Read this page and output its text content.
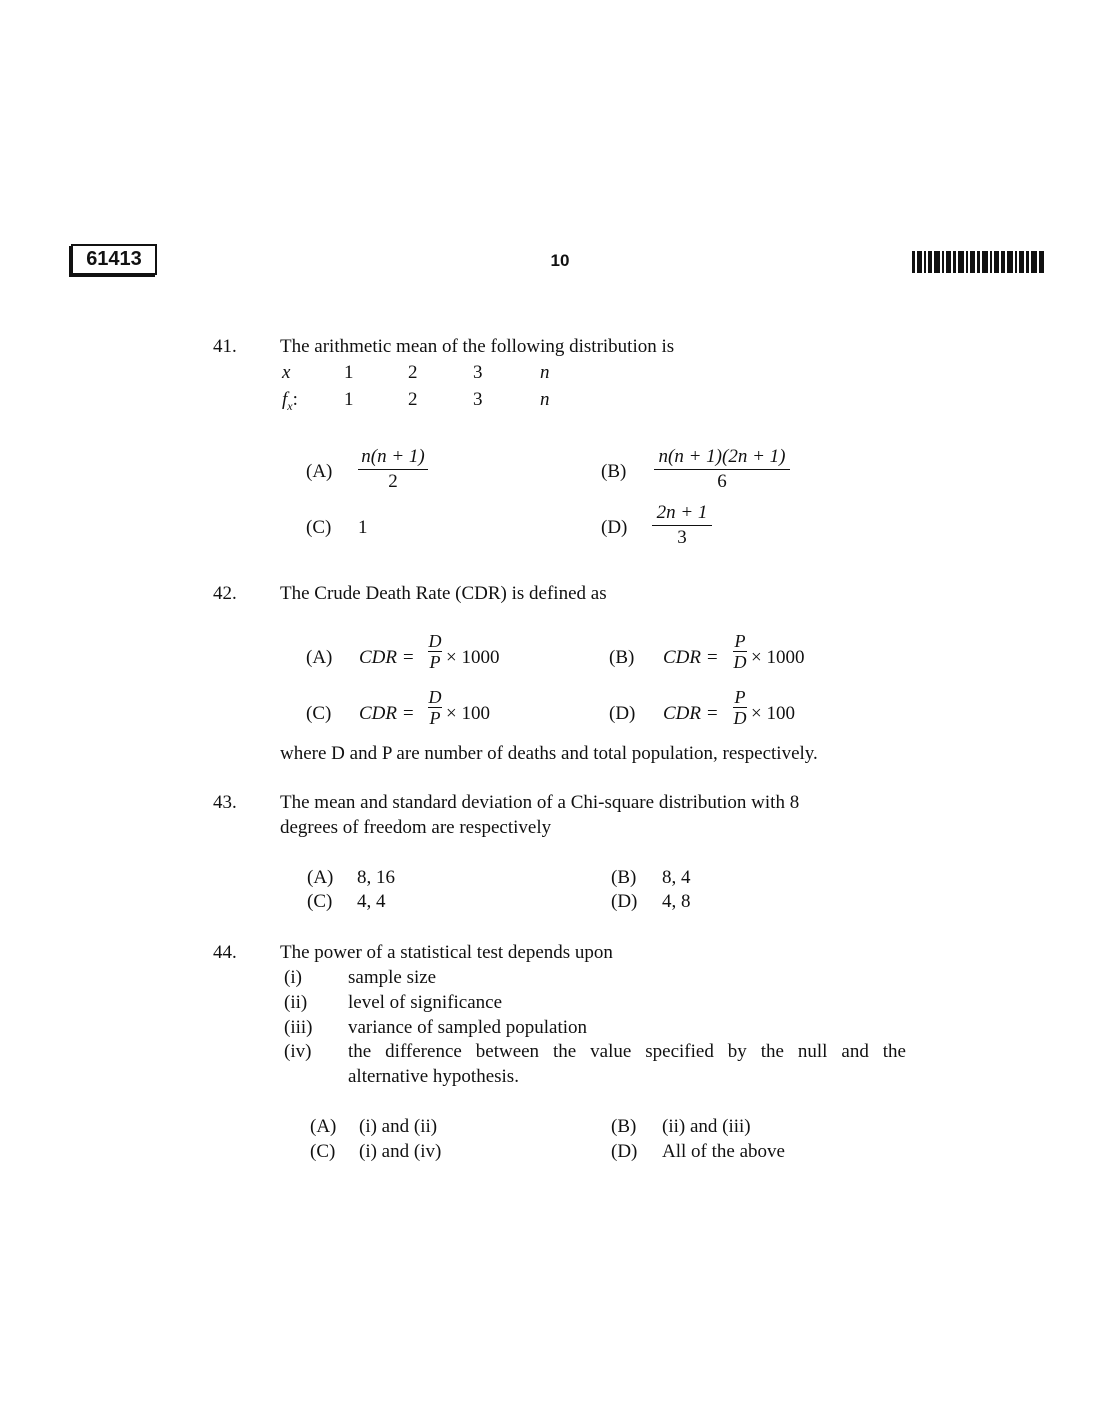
61413	10
41. The arithmetic mean of the following distribution is
x	1	2	3	n
$f_x$: 1	2	3	n
(A)
n(n + 1)
2	(B)
n(n + 1)(2n + 1)
6
(C) 1	(D)
2n + 1
3
42. The Crude Death Rate (CDR) is defined as
(A) CDR =
D
P × 1000	(B) CDR =
P
D × 1000
(C) CDR =
D
P × 100	(D) CDR =
P
D × 100
where D and P are number of deaths and total population, respectively.
43. The mean and standard deviation of a Chi-square distribution with 8
degrees of freedom are respectively
(A) 8, 16	(B) 8, 4
(C) 4, 4	(D) 4, 8
44. The power of a statistical test depends upon
(i) sample size
(ii) level of significance
(iii) variance of sampled population
(iv) the difference between the value specified by the null and the
alternative hypothesis.
(A) (i) and (ii)	(B) (ii) and (iii)
(C) (i) and (iv)	(D) All of the above
